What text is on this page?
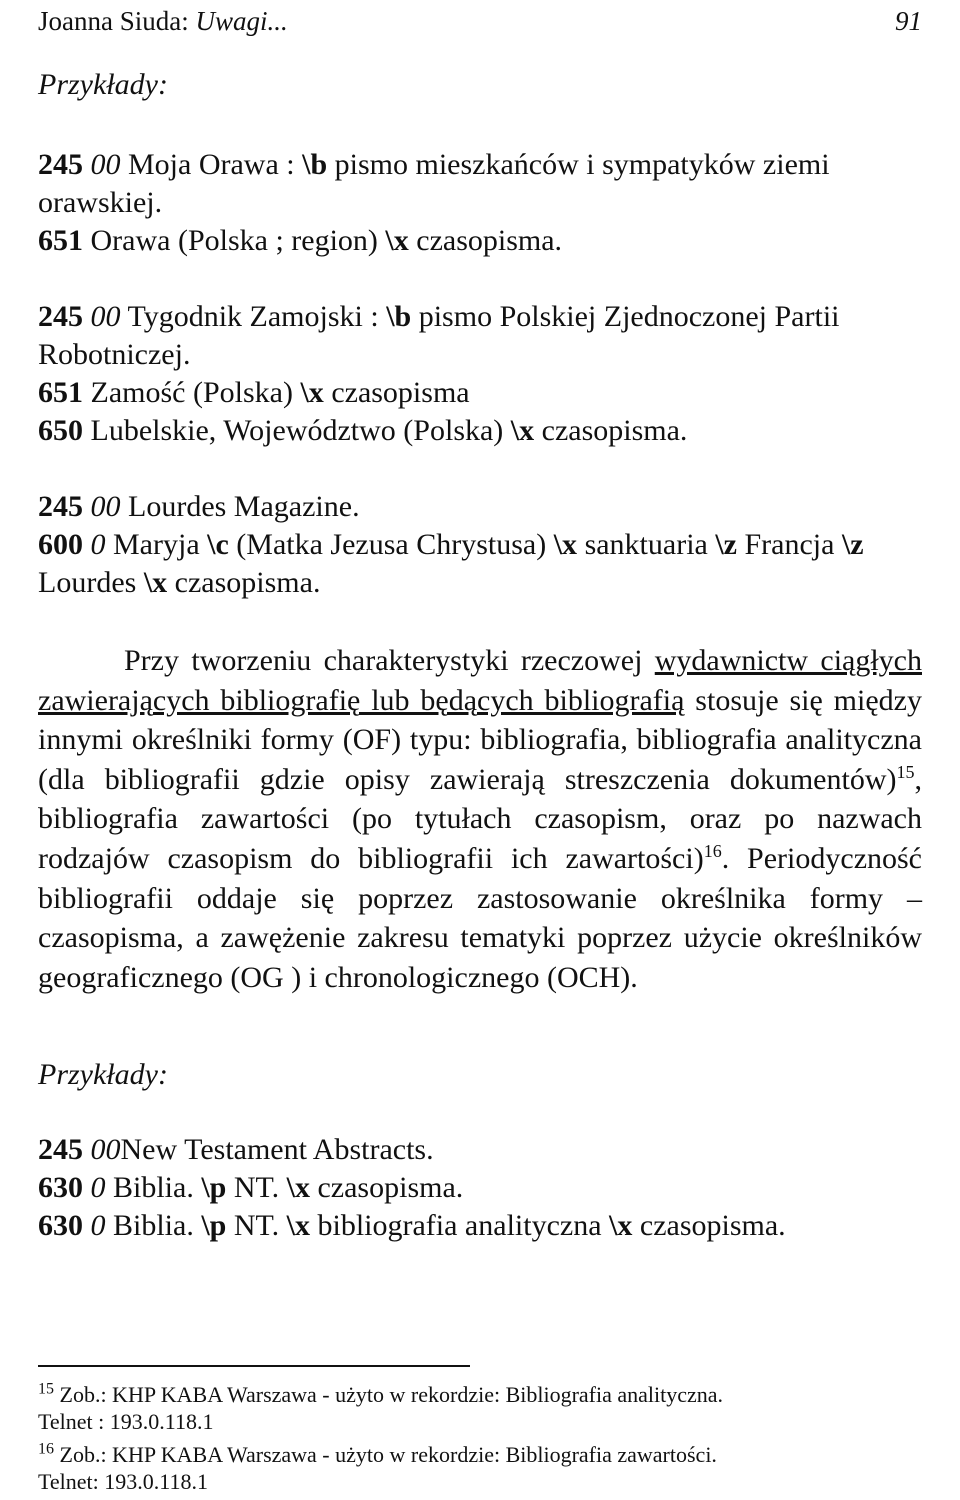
Joanna Siuda: Uwagi...	91
Przykłady:
245 00 Moja Orawa : \b pismo mieszkańców i sympatyków ziemi orawskiej.
651 Orawa (Polska ; region) \x czasopisma.
245 00 Tygodnik Zamojski : \b pismo Polskiej Zjednoczonej Partii Robotniczej.
651 Zamość (Polska) \x czasopisma
650 Lubelskie, Województwo (Polska) \x czasopisma.
245 00 Lourdes Magazine.
600 0 Maryja \c (Matka Jezusa Chrystusa) \x sanktuaria \z Francja \z Lourdes \x czasopisma.
Przy tworzeniu charakterystyki rzeczowej wydawnictw ciągłych zawierających bibliografię lub będących bibliografią stosuje się między innymi określniki formy (OF) typu: bibliografia, bibliografia analityczna (dla bibliografii gdzie opisy zawierają streszczenia dokumentów)$^{15}$, bibliografia zawartości (po tytułach czasopism, oraz po nazwach rodzajów czasopism do bibliografii ich zawartości)$^{16}$. Periodyczność bibliografii oddaje się poprzez zastosowanie określnika formy – czasopisma, a zawężenie zakresu tematyki poprzez użycie określników geograficznego (OG ) i chronologicznego (OCH).
Przykłady:
245 00New Testament Abstracts.
630 0 Biblia. \p NT. \x czasopisma.
630 0 Biblia. \p NT. \x bibliografia analityczna \x czasopisma.
$^{15}$ Zob.: KHP KABA Warszawa - użyto w rekordzie: Bibliografia analityczna.
Telnet : 193.0.118.1
$^{16}$ Zob.: KHP KABA Warszawa - użyto w rekordzie: Bibliografia zawartości.
Telnet: 193.0.118.1
